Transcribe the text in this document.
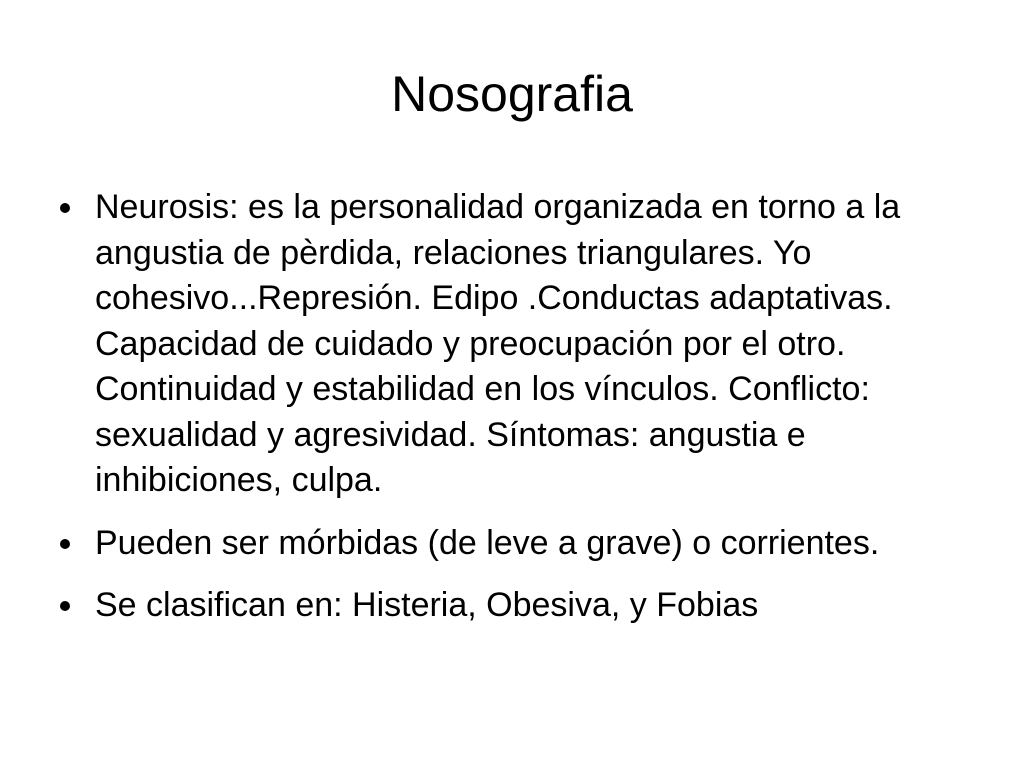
Nosografia
Neurosis: es la personalidad organizada en torno a la angustia de pèrdida, relaciones triangulares. Yo cohesivo...Represión. Edipo .Conductas adaptativas. Capacidad de cuidado y preocupación por el otro. Continuidad y estabilidad en los vínculos. Conflicto: sexualidad y agresividad. Síntomas: angustia e inhibiciones, culpa.
Pueden ser mórbidas (de leve a grave) o corrientes.
Se clasifican en: Histeria, Obesiva, y Fobias
